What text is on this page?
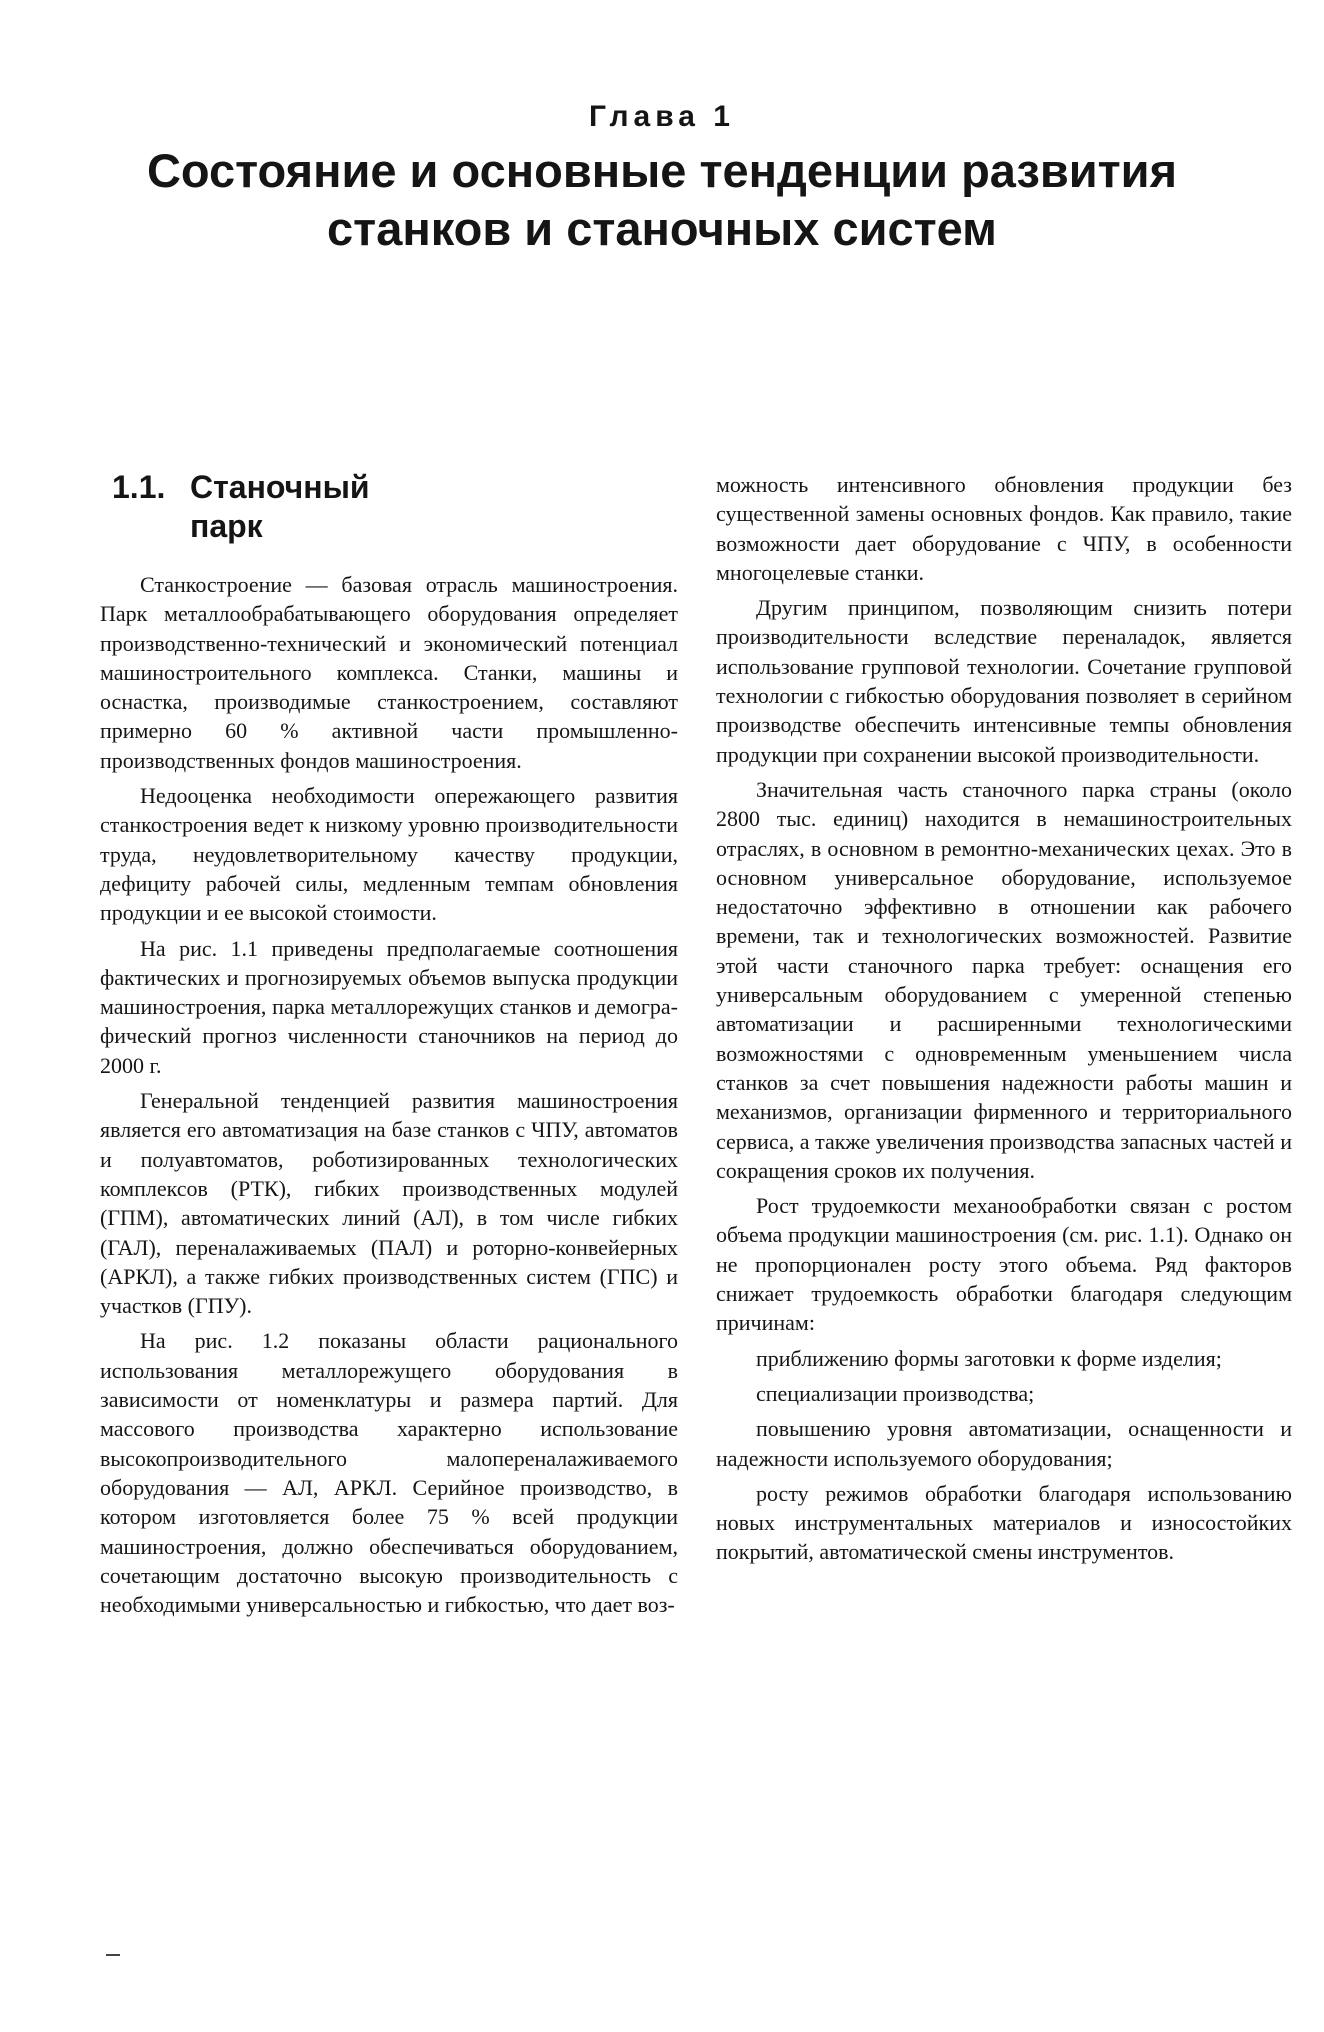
Глава 1
Состояние и основные тенденции развития станков и станочных систем
1.1. Станочный
парк

Станкостроение — базовая отрасль машиностроения. Парк металлообрабатывающего оборудования определяет производственно-технический и экономический потенциал машиностроительного комплекса. Станки, машины и оснастка, производимые станкостроением, составляют примерно 60 % активной части промышленно-производственных фондов машиностроения.

Недооценка необходимости опережающего развития станкостроения ведет к низкому уровню производительности труда, неудовлетворительному качеству продукции, дефициту рабочей силы, медленным темпам обновления продукции и ее высокой стоимости.

На рис. 1.1 приведены предполагаемые соотношения фактических и прогнозируемых объемов выпуска продукции машиностроения, парка металлорежущих станков и демографический прогноз численности станочников на период до 2000 г.

Генеральной тенденцией развития машиностроения является его автоматизация на базе станков с ЧПУ, автоматов и полуавтоматов, роботизированных технологических комплексов (РТК), гибких производственных модулей (ГПМ), автоматических линий (АЛ), в том числе гибких (ГАЛ), переналаживаемых (ПАЛ) и роторно-конвейерных (АРКЛ), а также гибких производственных систем (ГПС) и участков (ГПУ).

На рис. 1.2 показаны области рационального использования металлорежущего оборудования в зависимости от номенклатуры и размера партий. Для массового производства характерно использование высокопроизводительного малопереналаживаемого оборудования — АЛ, АРКЛ. Серийное производство, в котором изготовляется более 75 % всей продукции машиностроения, должно обеспечиваться оборудованием, сочетающим достаточно высокую производительность с необходимыми универсальностью и гибкостью, что дает воз-

можность интенсивного обновления продукции без существенной замены основных фондов. Как правило, такие возможности дает оборудование с ЧПУ, в особенности многоцелевые станки.

Другим принципом, позволяющим снизить потери производительности вследствие переналадок, является использование групповой технологии. Сочетание групповой технологии с гибкостью оборудования позволяет в серийном производстве обеспечить интенсивные темпы обновления продукции при сохранении высокой производительности.

Значительная часть станочного парка страны (около 2800 тыс. единиц) находится в немашиностроительных отраслях, в основном в ремонтно-механических цехах. Это в основном универсальное оборудование, используемое недостаточно эффективно в отношении как рабочего времени, так и технологических возможностей. Развитие этой части станочного парка требует: оснащения его универсальным оборудованием с умеренной степенью автоматизации и расширенными технологическими возможностями с одновременным уменьшением числа станков за счет повышения надежности работы машин и механизмов, организации фирменного и территориального сервиса, а также увеличения производства запасных частей и сокращения сроков их получения.

Рост трудоемкости механообработки связан с ростом объема продукции машиностроения (см. рис. 1.1). Однако он не пропорционален росту этого объема. Ряд факторов снижает трудоемкость обработки благодаря следующим причинам:

приближению формы заготовки к форме изделия;

специализации производства;

повышению уровня автоматизации, оснащенности и надежности используемого оборудования;

росту режимов обработки благодаря использованию новых инструментальных материалов и износостойких покрытий, автоматической смены инструментов.
